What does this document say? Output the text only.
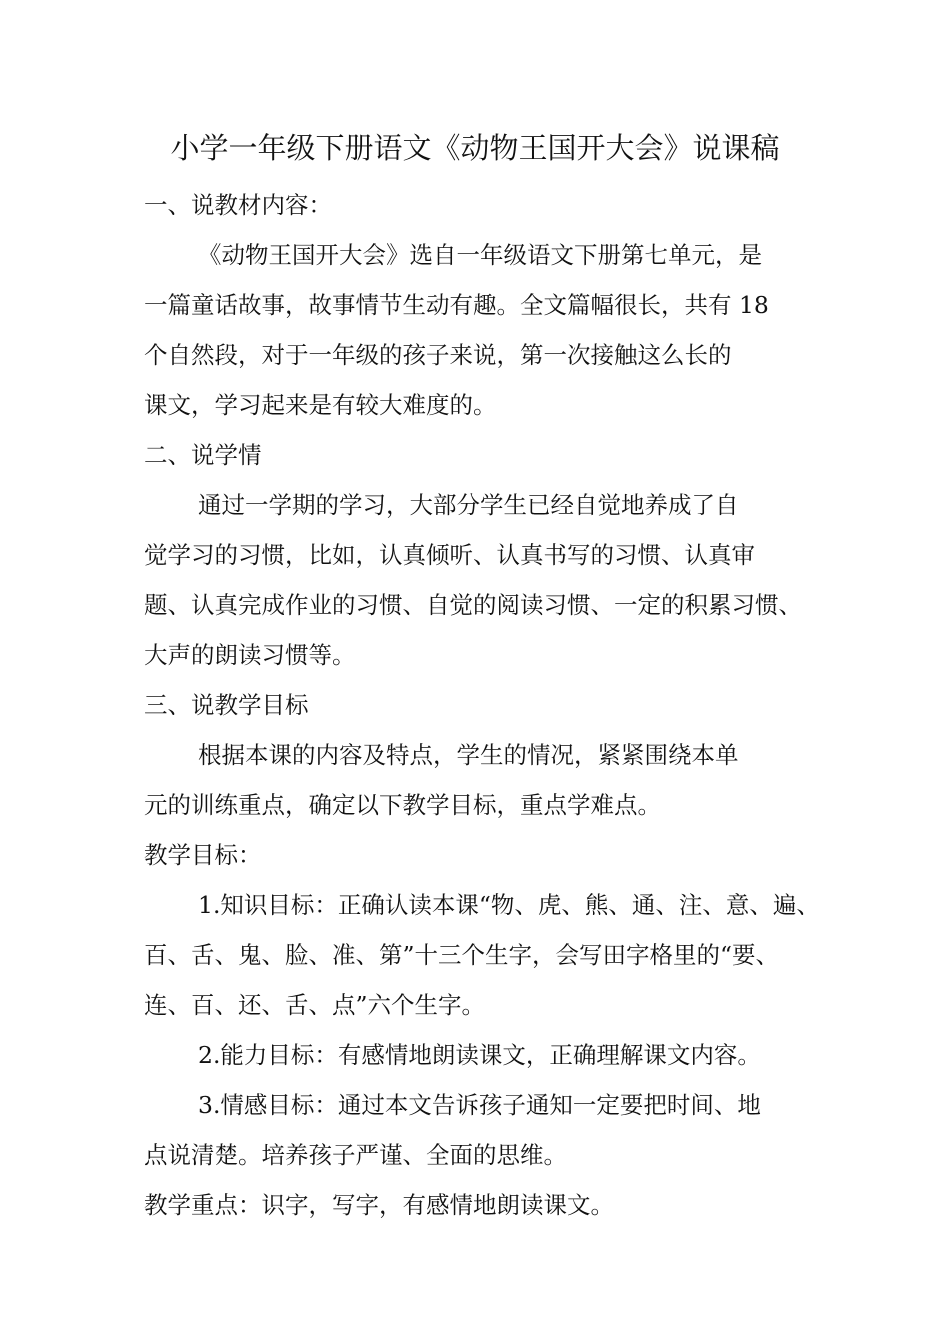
小学一年级下册语文《动物王国开大会》说课稿
一、说教材内容：
《动物王国开大会》选自一年级语文下册第七单元，是
一篇童话故事，故事情节生动有趣。全文篇幅很长，共有 18
个自然段，对于一年级的孩子来说，第一次接触这么长的
课文，学习起来是有较大难度的。
二、说学情
通过一学期的学习，大部分学生已经自觉地养成了自
觉学习的习惯，比如，认真倾听、认真书写的习惯、认真审
题、认真完成作业的习惯、自觉的阅读习惯、一定的积累习惯、
大声的朗读习惯等。
三、说教学目标
根据本课的内容及特点，学生的情况，紧紧围绕本单
元的训练重点，确定以下教学目标，重点学难点。
教学目标：
1.知识目标：正确认读本课“物、虎、熊、通、注、意、遍、
百、舌、鬼、脸、准、第”十三个生字，会写田字格里的“要、
连、百、还、舌、点”六个生字。
2.能力目标：有感情地朗读课文，正确理解课文内容。
3.情感目标：通过本文告诉孩子通知一定要把时间、地
点说清楚。培养孩子严谨、全面的思维。
教学重点：识字，写字，有感情地朗读课文。
